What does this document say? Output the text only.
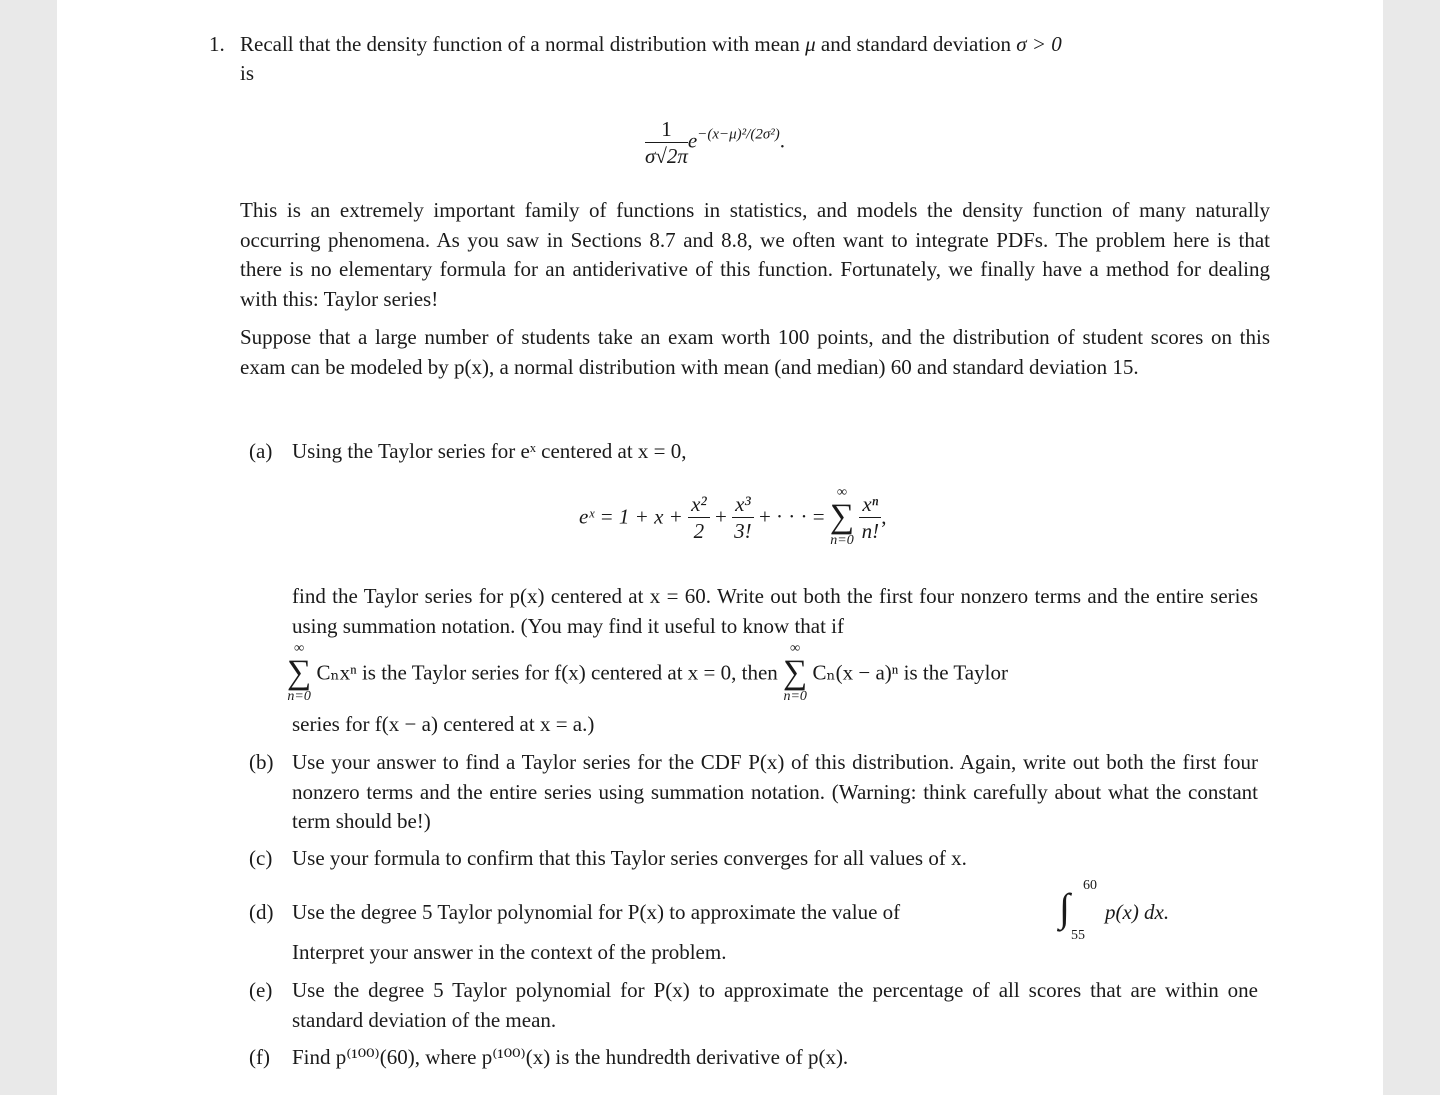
1. Recall that the density function of a normal distribution with mean μ and standard deviation σ > 0
is
$\frac{1}{\sigma√2\pi} e^{-(x-\mu)^2/(2\sigma^2)}$.
This is an extremely important family of functions in statistics, and models the density function of many naturally occurring phenomena. As you saw in Sections 8.7 and 8.8, we often want to integrate PDFs. The problem here is that there is no elementary formula for an antiderivative of this function. Fortunately, we finally have a method for dealing with this: Taylor series!
Suppose that a large number of students take an exam worth 100 points, and the distribution of student scores on this exam can be modeled by p(x), a normal distribution with mean (and median) 60 and standard deviation 15.
(a) Using the Taylor series for eˣ centered at x = 0,
eˣ = $1 + x + \frac{\text{x²}}{2} + \frac{\text{x³}}{3!}$ + · · · =
∞
∑
n=0
$\frac{\text{xⁿ}}{n!}$ ,
find the Taylor series for p(x) centered at x = 60. Write out both the first four nonzero terms and the entire series using summation notation. (You may find it useful to know that if
∞
∑
n=0
Cₙxⁿ is the Taylor series for f(x) centered at x = 0, then
∞
∑
n=0
Cₙ(x − a)ⁿ is the Taylor
series for f(x − a) centered at x = a.)
(b) Use your answer to find a Taylor series for the CDF P(x) of this distribution. Again, write out both the first four nonzero terms and the entire series using summation notation. (Warning: think carefully about what the constant term should be!)
(c) Use your formula to confirm that this Taylor series converges for all values of x.
(d) Use the degree 5 Taylor polynomial for P(x) to approximate the value of
60
∫
55
p(x) dx.
Interpret your answer in the context of the problem.
(e) Use the degree 5 Taylor polynomial for P(x) to approximate the percentage of all scores that are within one standard deviation of the mean.
(f)	Find p⁽¹⁰⁰⁾(60), where p⁽¹⁰⁰⁾(x) is the hundredth derivative of p(x).
